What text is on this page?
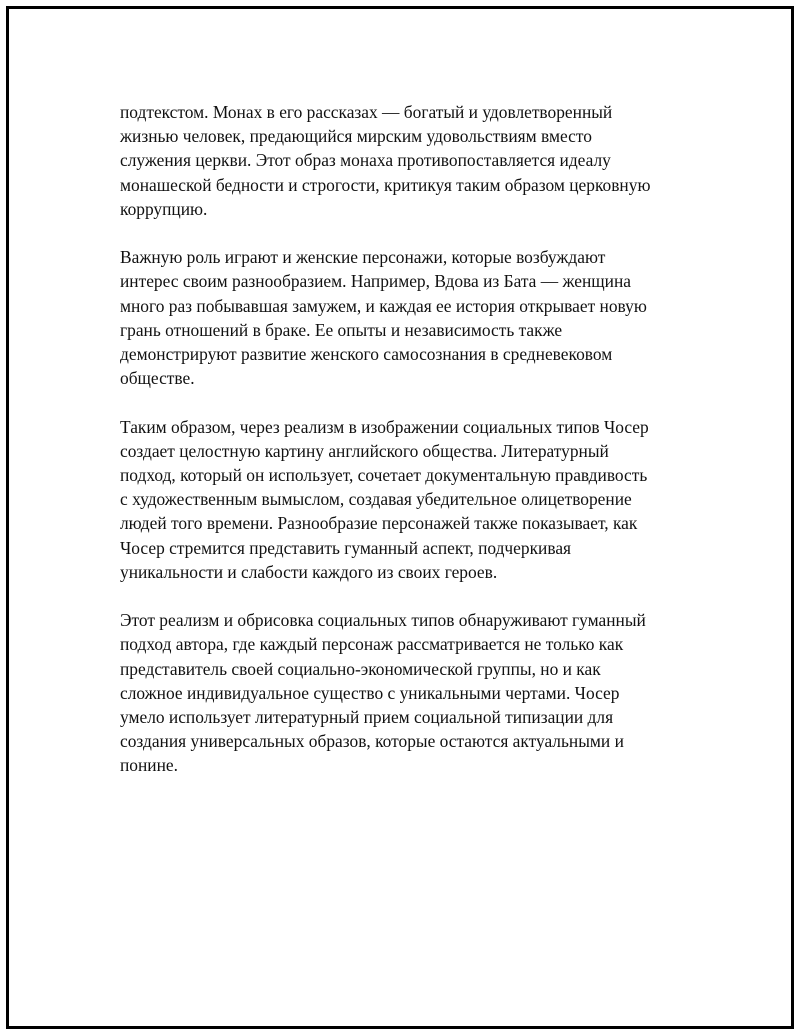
подтекстом. Монах в его рассказах — богатый и удовлетворенный
жизнью человек, предающийся мирским удовольствиям вместо
служения церкви. Этот образ монаха противопоставляется идеалу
монашеской бедности и строгости, критикуя таким образом церковную
коррупцию.

Важную роль играют и женские персонажи, которые возбуждают
интерес своим разнообразием. Например, Вдова из Бата — женщина
много раз побывавшая замужем, и каждая ее история открывает новую
грань отношений в браке. Ее опыты и независимость также
демонстрируют развитие женского самосознания в средневековом
обществе.

Таким образом, через реализм в изображении социальных типов Чосер
создает целостную картину английского общества. Литературный
подход, который он использует, сочетает документальную правдивость
с художественным вымыслом, создавая убедительное олицетворение
людей того времени. Разнообразие персонажей также показывает, как
Чосер стремится представить гуманный аспект, подчеркивая
уникальности и слабости каждого из своих героев.

Этот реализм и обрисовка социальных типов обнаруживают гуманный
подход автора, где каждый персонаж рассматривается не только как
представитель своей социально-экономической группы, но и как
сложное индивидуальное существо с уникальными чертами. Чосер
умело использует литературный прием социальной типизации для
создания универсальных образов, которые остаются актуальными и
понине.
